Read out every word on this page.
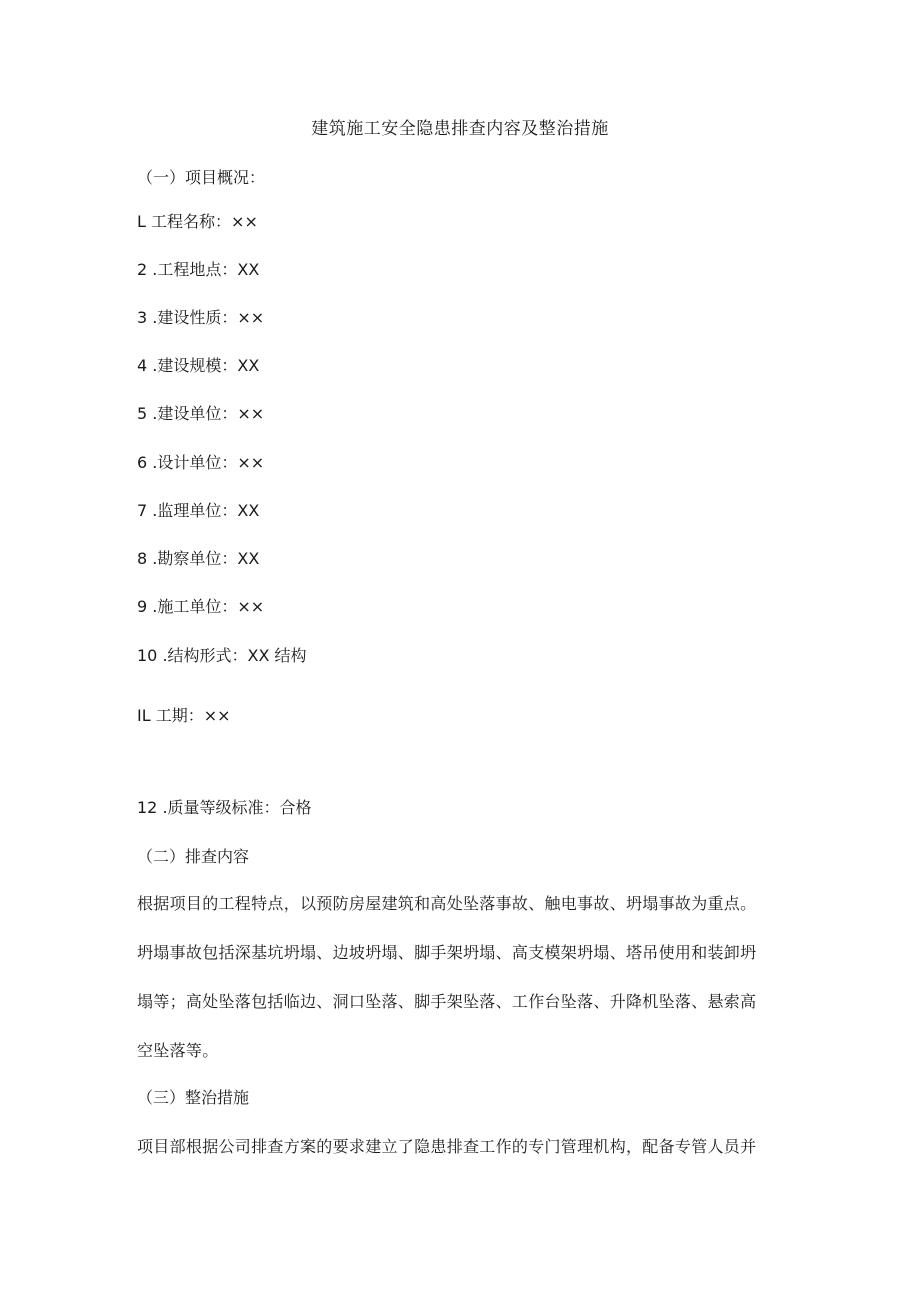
建筑施工安全隐患排查内容及整治措施
（一）项目概况：
L 工程名称：××
2 .工程地点：XX
3 .建设性质：××
4 .建设规模：XX
5 .建设单位：××
6 .设计单位：××
7 .监理单位：XX
8 .勘察单位：XX
9 .施工单位：××
10 .结构形式：XX 结构
IL 工期：××
12 .质量等级标准：合格
（二）排查内容
根据项目的工程特点，以预防房屋建筑和高处坠落事故、触电事故、坍塌事故为重点。
坍塌事故包括深基坑坍塌、边坡坍塌、脚手架坍塌、高支模架坍塌、塔吊使用和装卸坍
塌等；高处坠落包括临边、洞口坠落、脚手架坠落、工作台坠落、升降机坠落、悬索高
空坠落等。
（三）整治措施
项目部根据公司排查方案的要求建立了隐患排查工作的专门管理机构，配备专管人员并
